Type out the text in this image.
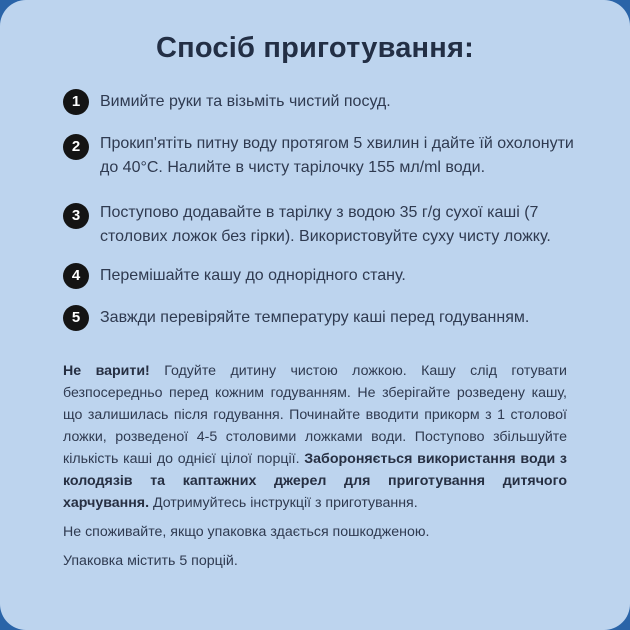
Спосіб приготування:
1	Вимийте руки та візьміть чистий посуд.
2	Прокип'ятіть питну воду протягом 5 хвилин і дайте їй охолонути до 40°C. Налийте в чисту тарілочку 155 мл/ml води.
3	Поступово додавайте в тарілку з водою 35 г/g сухої каші (7 столових ложок без гірки). Використовуйте суху чисту ложку.
4	Перемішайте кашу до однорідного стану.
5	Завжди перевіряйте температуру каші перед годуванням.

Не варити! Годуйте дитину чистою ложкою. Кашу слід готувати безпосередньо перед кожним годуванням. Не зберігайте розведену кашу, що залишилась після годування. Починайте вводити прикорм з 1 столової ложки, розведеної 4-5 столовими ложками води. Поступово збільшуйте кількість каші до однієї цілої порції. Забороняється використання води з колодязів та каптажних джерел для приготування дитячого харчування. Дотримуйтесь інструкції з приготування.

Не споживайте, якщо упаковка здається пошкодженою.

Упаковка містить 5 порцій.
